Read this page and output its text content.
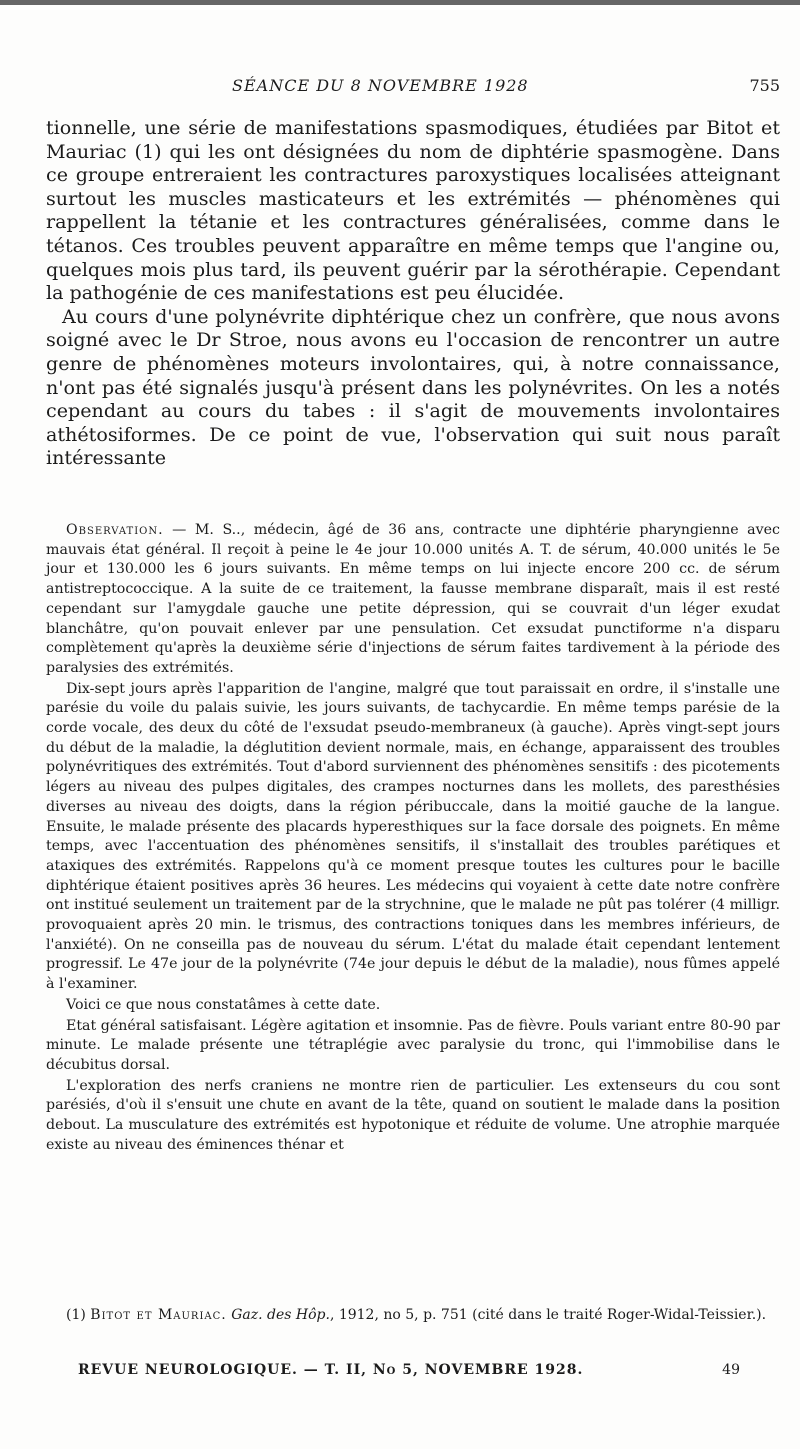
SÉANCE DU 8 NOVEMBRE 1928	755

tionnelle, une série de manifestations spasmodiques, étudiées par Bitot et Mauriac (1) qui les ont désignées du nom de diphtérie spasmogène. Dans ce groupe entreraient les contractures paroxystiques localisées atteignant surtout les muscles masticateurs et les extrémités — phénomènes qui rappellent la tétanie et les contractures généralisées, comme dans le tétanos. Ces troubles peuvent apparaître en même temps que l'angine ou, quelques mois plus tard, ils peuvent guérir par la sérothérapie. Cependant la pathogénie de ces manifestations est peu élucidée.

Au cours d'une polynévrite diphtérique chez un confrère, que nous avons soigné avec le Dr Stroe, nous avons eu l'occasion de rencontrer un autre genre de phénomènes moteurs involontaires, qui, à notre connaissance, n'ont pas été signalés jusqu'à présent dans les polynévrites. On les a notés cependant au cours du tabes : il s'agit de mouvements involontaires athétosiformes. De ce point de vue, l'observation qui suit nous paraît intéressante

Observation. — M. S.., médecin, âgé de 36 ans, contracte une diphtérie pharyngienne avec mauvais état général. Il reçoit à peine le 4e jour 10.000 unités A. T. de sérum, 40.000 unités le 5e jour et 130.000 les 6 jours suivants. En même temps on lui injecte encore 200 cc. de sérum antistreptococcique. A la suite de ce traitement, la fausse membrane disparaît, mais il est resté cependant sur l'amygdale gauche une petite dépression, qui se couvrait d'un léger exudat blanchâtre, qu'on pouvait enlever par une pensulation. Cet exsudat punctiforme n'a disparu complètement qu'après la deuxième série d'injections de sérum faites tardivement à la période des paralysies des extrémités.

Dix-sept jours après l'apparition de l'angine, malgré que tout paraissait en ordre, il s'installe une parésie du voile du palais suivie, les jours suivants, de tachycardie. En même temps parésie de la corde vocale, des deux du côté de l'exsudat pseudo-membraneux (à gauche). Après vingt-sept jours du début de la maladie, la déglutition devient normale, mais, en échange, apparaissent des troubles polynévritiques des extrémités. Tout d'abord surviennent des phénomènes sensitifs : des picotements légers au niveau des pulpes digitales, des crampes nocturnes dans les mollets, des paresthésies diverses au niveau des doigts, dans la région péribuccale, dans la moitié gauche de la langue. Ensuite, le malade présente des placards hyperesthiques sur la face dorsale des poignets. En même temps, avec l'accentuation des phénomènes sensitifs, il s'installait des troubles parétiques et ataxiques des extrémités. Rappelons qu'à ce moment presque toutes les cultures pour le bacille diphtérique étaient positives après 36 heures. Les médecins qui voyaient à cette date notre confrère ont institué seulement un traitement par de la strychnine, que le malade ne pût pas tolérer (4 milligr. provoquaient après 20 min. le trismus, des contractions toniques dans les membres inférieurs, de l'anxiété). On ne conseilla pas de nouveau du sérum. L'état du malade était cependant lentement progressif. Le 47e jour de la polynévrite (74e jour depuis le début de la maladie), nous fûmes appelé à l'examiner.

Voici ce que nous constatâmes à cette date.

Etat général satisfaisant. Légère agitation et insomnie. Pas de fièvre. Pouls variant entre 80-90 par minute. Le malade présente une tétraplégie avec paralysie du tronc, qui l'immobilise dans le décubitus dorsal.

L'exploration des nerfs craniens ne montre rien de particulier. Les extenseurs du cou sont parésiés, d'où il s'ensuit une chute en avant de la tête, quand on soutient le malade dans la position debout. La musculature des extrémités est hypotonique et réduite de volume. Une atrophie marquée existe au niveau des éminences thénar et

(1) Bitot et Mauriac. Gaz. des Hôp., 1912, no 5, p. 751 (cité dans le traité Roger-Widal-Teissier.).
REVUE NEUROLOGIQUE. — T. II, No 5, NOVEMBRE 1928.	49
